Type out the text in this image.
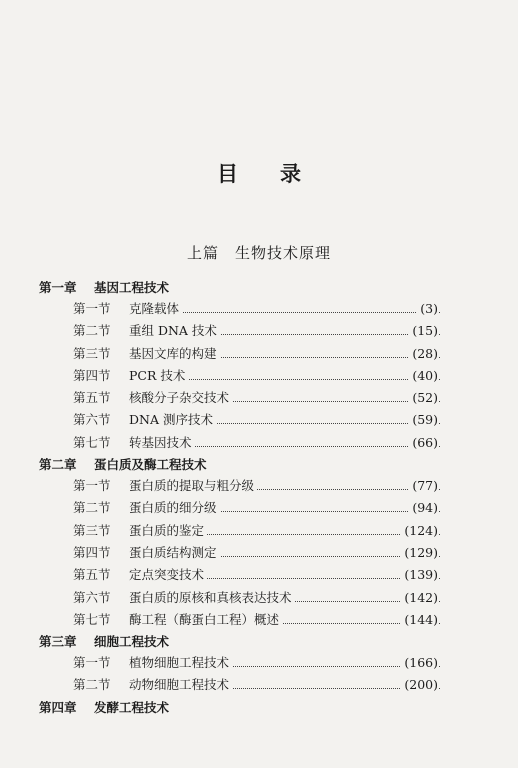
目录
上篇 生物技术原理
第一章 基因工程技术
第一节 克隆载体	(3)
第二节 重组 DNA 技术	(15)
第三节 基因文库的构建	(28)
第四节 PCR 技术	(40)
第五节 核酸分子杂交技术	(52)
第六节 DNA 测序技术	(59)
第七节 转基因技术	(66)
第二章 蛋白质及酶工程技术
第一节 蛋白质的提取与粗分级	(77)
第二节 蛋白质的细分级	(94)
第三节 蛋白质的鉴定	(124)
第四节 蛋白质结构测定	(129)
第五节 定点突变技术	(139)
第六节 蛋白质的原核和真核表达技术	(142)
第七节 酶工程（酶蛋白工程）概述	(144)
第三章 细胞工程技术
第一节 植物细胞工程技术	(166)
第二节 动物细胞工程技术	(200)
第四章 发酵工程技术
